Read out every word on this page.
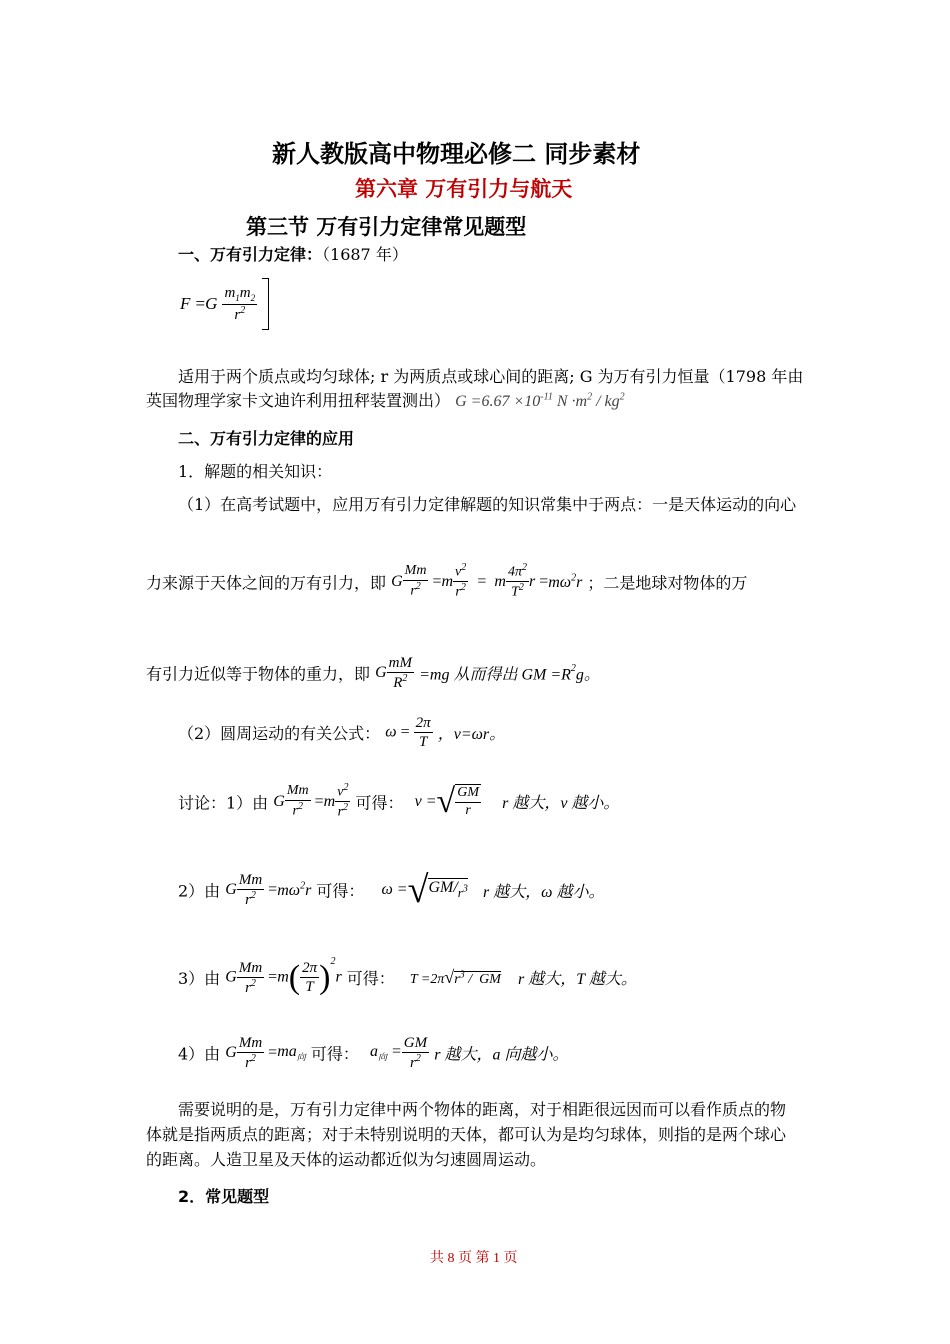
新人教版高中物理必修二 同步素材
第六章 万有引力与航天
第三节 万有引力定律常见题型
一、万有引力定律：（1687 年）
$F =G \frac{m_1m_2}{r^2}$

适用于两个质点或均匀球体; r 为两质点或球心间的距离; G 为万有引力恒量（1798 年由
英国物理学家卡文迪许利用扭秤装置测出） $G =6.67 \times 10^{-11}$ $N \cdot m^2 / kg^2$
二、万有引力定律的应用
1．解题的相关知识：
（1）在高考试题中，应用万有引力定律解题的知识常集中于两点：一是天体运动的向心
力来源于天体之间的万有引力，即 G $\frac{Mm}{r^2} =m \frac{v^2}{r^2} = m \frac{4\pi^2}{T^2}$ $r =m\omega^2r$ ；二是地球对物体的万
有引力近似等于物体的重力，即 G $\frac{mM}{R^2} =mg$ 从而得出 GM $=R^2g$。
（2）圆周运动的有关公式： $\omega = \frac{2\pi}{T}$ ，v=ωr。
讨论：1）由 G $\frac{Mm}{r^2} =m \frac{v^2}{r^2}$ 可得： v =√ $\frac{GM}{r}$ r 越大，v 越小。
2）由 G $\frac{Mm}{r^2} =m\omega^2r$ 可得： $\omega =√GM/_{r^3}$ r 越大，ω 越小。
3）由 G $\frac{Mm}{r^2} =m( \frac{2\pi}{T} )^2r$ 可得： $T =2\pi√r^3$ /  GM r 越大，T 越大。
4）由 G $\frac{Mm}{r^2} =ma_向$ 可得： $a_向 = \frac{GM}{r^2}$ r 越大，a 向越小。
需要说明的是，万有引力定律中两个物体的距离，对于相距很远因而可以看作质点的物
体就是指两质点的距离；对于未特别说明的天体，都可认为是均匀球体，则指的是两个球心
的距离。人造卫星及天体的运动都近似为匀速圆周运动。
2．常见题型
共 8 页 第 1 页
